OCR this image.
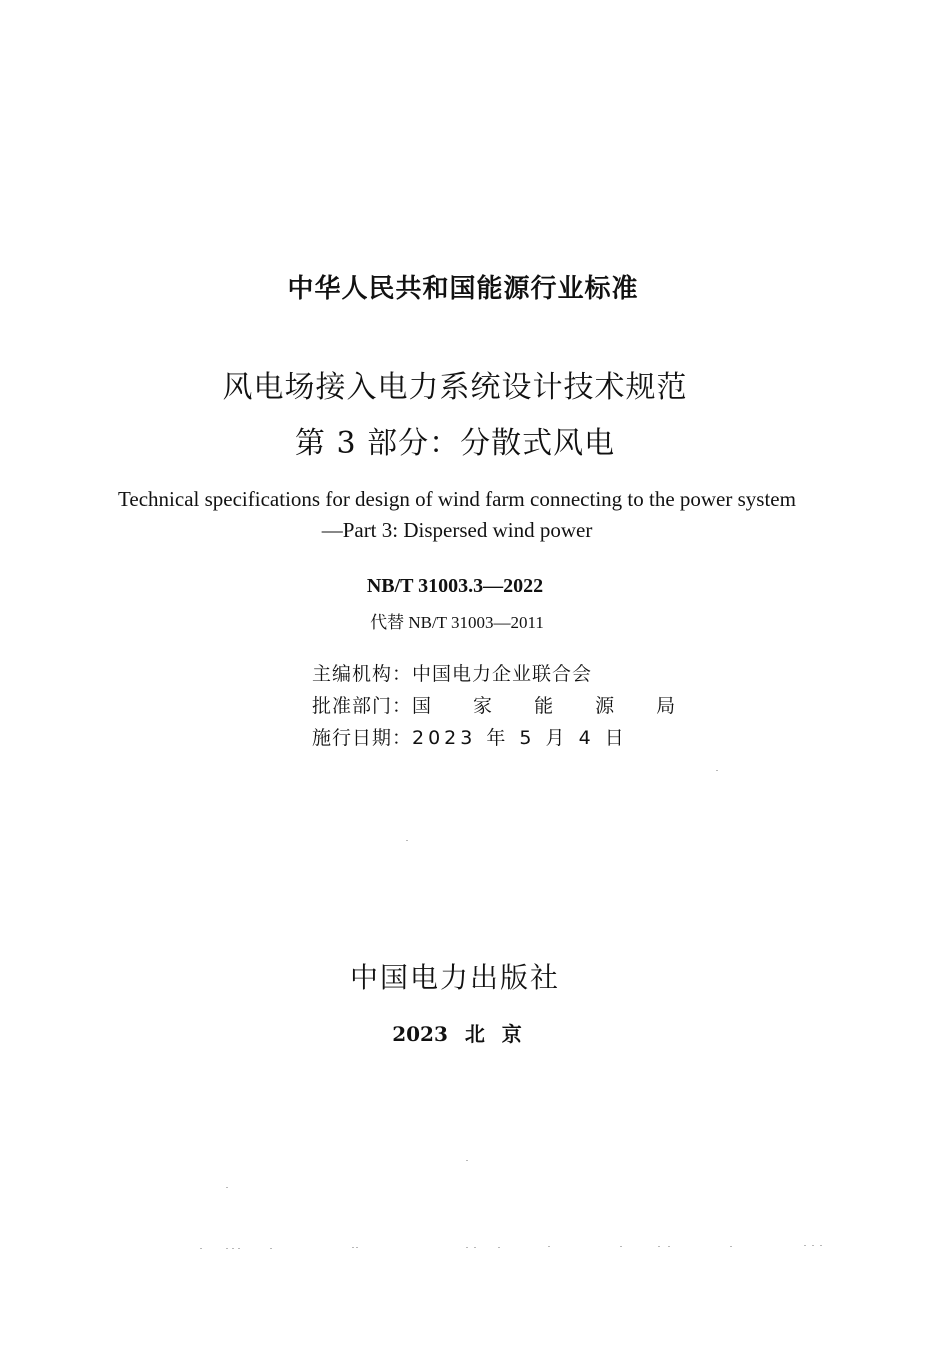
中华人民共和国能源行业标准
风电场接入电力系统设计技术规范
第 3 部分：分散式风电
Technical specifications for design of wind farm connecting to the power system
—Part 3: Dispersed wind power
NB/T 31003.3—2022
代替 NB/T 31003—2011
主编机构： 中国电力企业联合会
批准部门： 国 家 能 源 局
施行日期： 2023 年 5 月 4 日
中国电力出版社
2023 北 京
